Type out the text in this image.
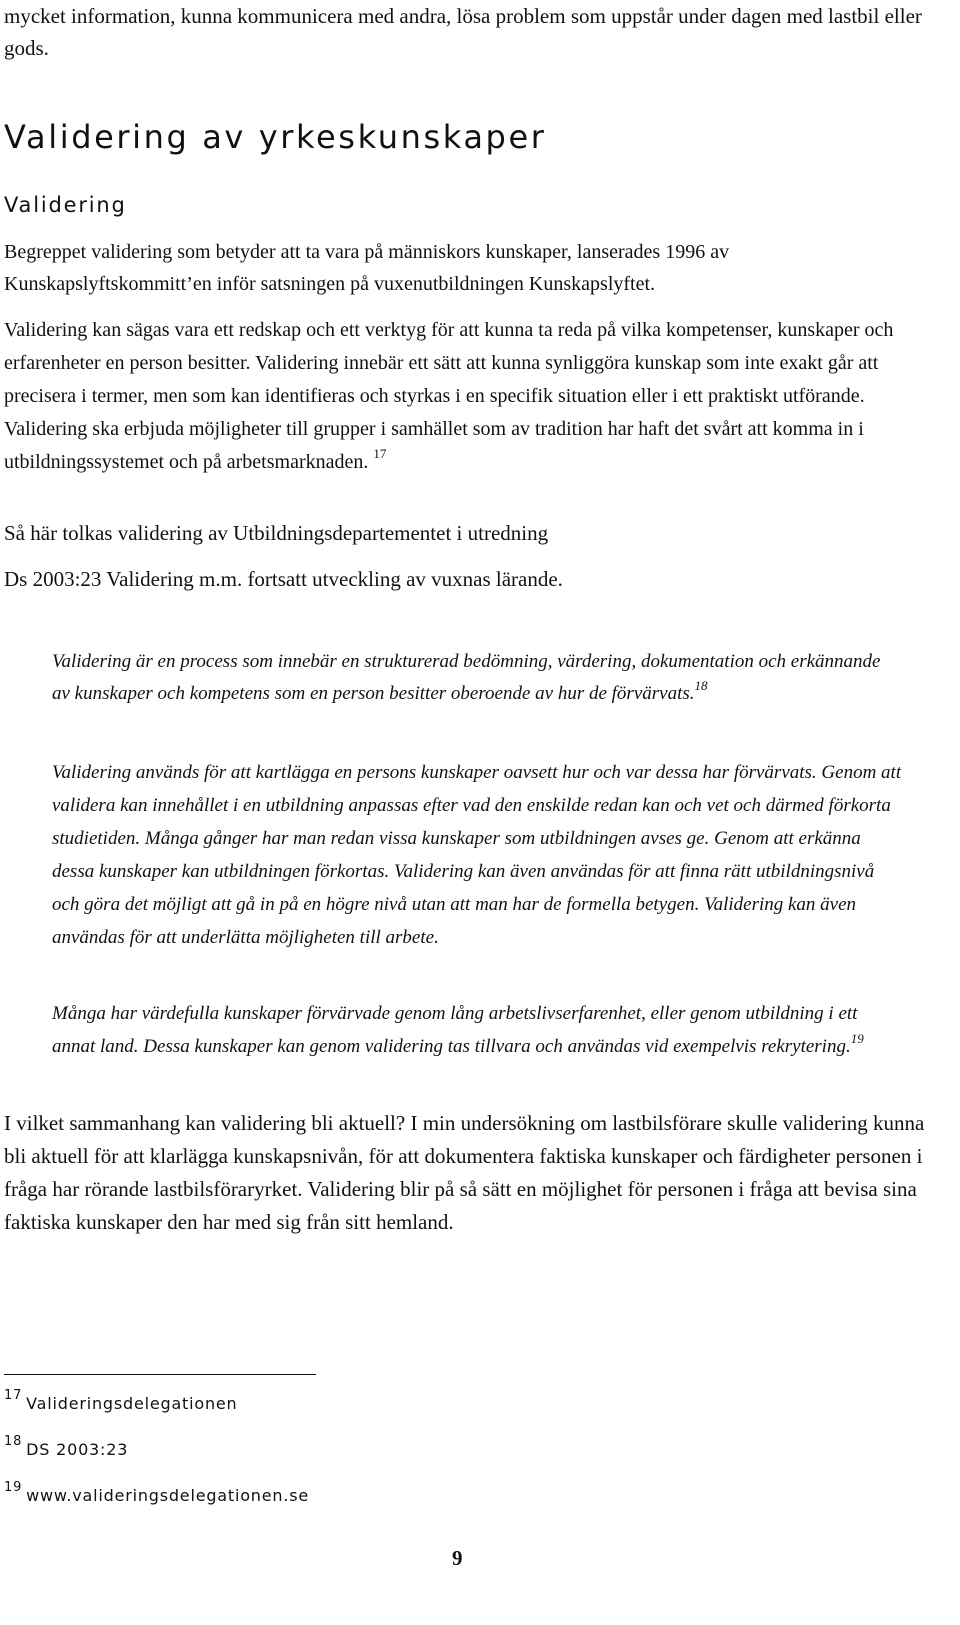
mycket information, kunna kommunicera med andra, lösa problem som uppstår under dagen med lastbil eller gods.

Validering av yrkeskunskaper
Validering

Begreppet validering som betyder att ta vara på människors kunskaper, lanserades 1996 av Kunskapslyftskommitt’en inför satsningen på vuxenutbildningen Kunskapslyftet.

Validering kan sägas vara ett redskap och ett verktyg för att kunna ta reda på vilka kompetenser, kunskaper och erfarenheter en person besitter. Validering innebär ett sätt att kunna synliggöra kunskap som inte exakt går att precisera i termer, men som kan identifieras och styrkas i en specifik situation eller i ett praktiskt utförande. Validering ska erbjuda möjligheter till grupper i samhället som av tradition har haft det svårt att komma in i utbildningssystemet och på arbetsmarknaden. $^{17}$

Så här tolkas validering av Utbildningsdepartementet i utredning

Ds 2003:23 Validering m.m. fortsatt utveckling av vuxnas lärande.

Validering är en process som innebär en strukturerad bedömning, värdering, dokumentation och erkännande av kunskaper och kompetens som en person besitter oberoende av hur de förvärvats.$^{18}$

Validering används för att kartlägga en persons kunskaper oavsett hur och var dessa har förvärvats. Genom att validera kan innehållet i en utbildning anpassas efter vad den enskilde redan kan och vet och därmed förkorta studietiden. Många gånger har man redan vissa kunskaper som utbildningen avses ge. Genom att erkänna dessa kunskaper kan utbildningen förkortas. Validering kan även användas för att finna rätt utbildningsnivå och göra det möjligt att gå in på en högre nivå utan att man har de formella betygen. Validering kan även användas för att underlätta möjligheten till arbete.

Många har värdefulla kunskaper förvärvade genom lång arbetslivserfarenhet, eller genom utbildning i ett annat land. Dessa kunskaper kan genom validering tas tillvara och användas vid exempelvis rekrytering.$^{19}$

I vilket sammanhang kan validering bli aktuell? I min undersökning om lastbilsförare skulle validering kunna bli aktuell för att klarlägga kunskapsnivån, för att dokumentera faktiska kunskaper och färdigheter personen i fråga har rörande lastbilsföraryrket. Validering blir på så sätt en möjlighet för personen i fråga att bevisa sina faktiska kunskaper den har med sig från sitt hemland.

$^{17}$ Valideringsdelegationen
$^{18}$ DS 2003:23
$^{19}$ www.valideringsdelegationen.se
9
